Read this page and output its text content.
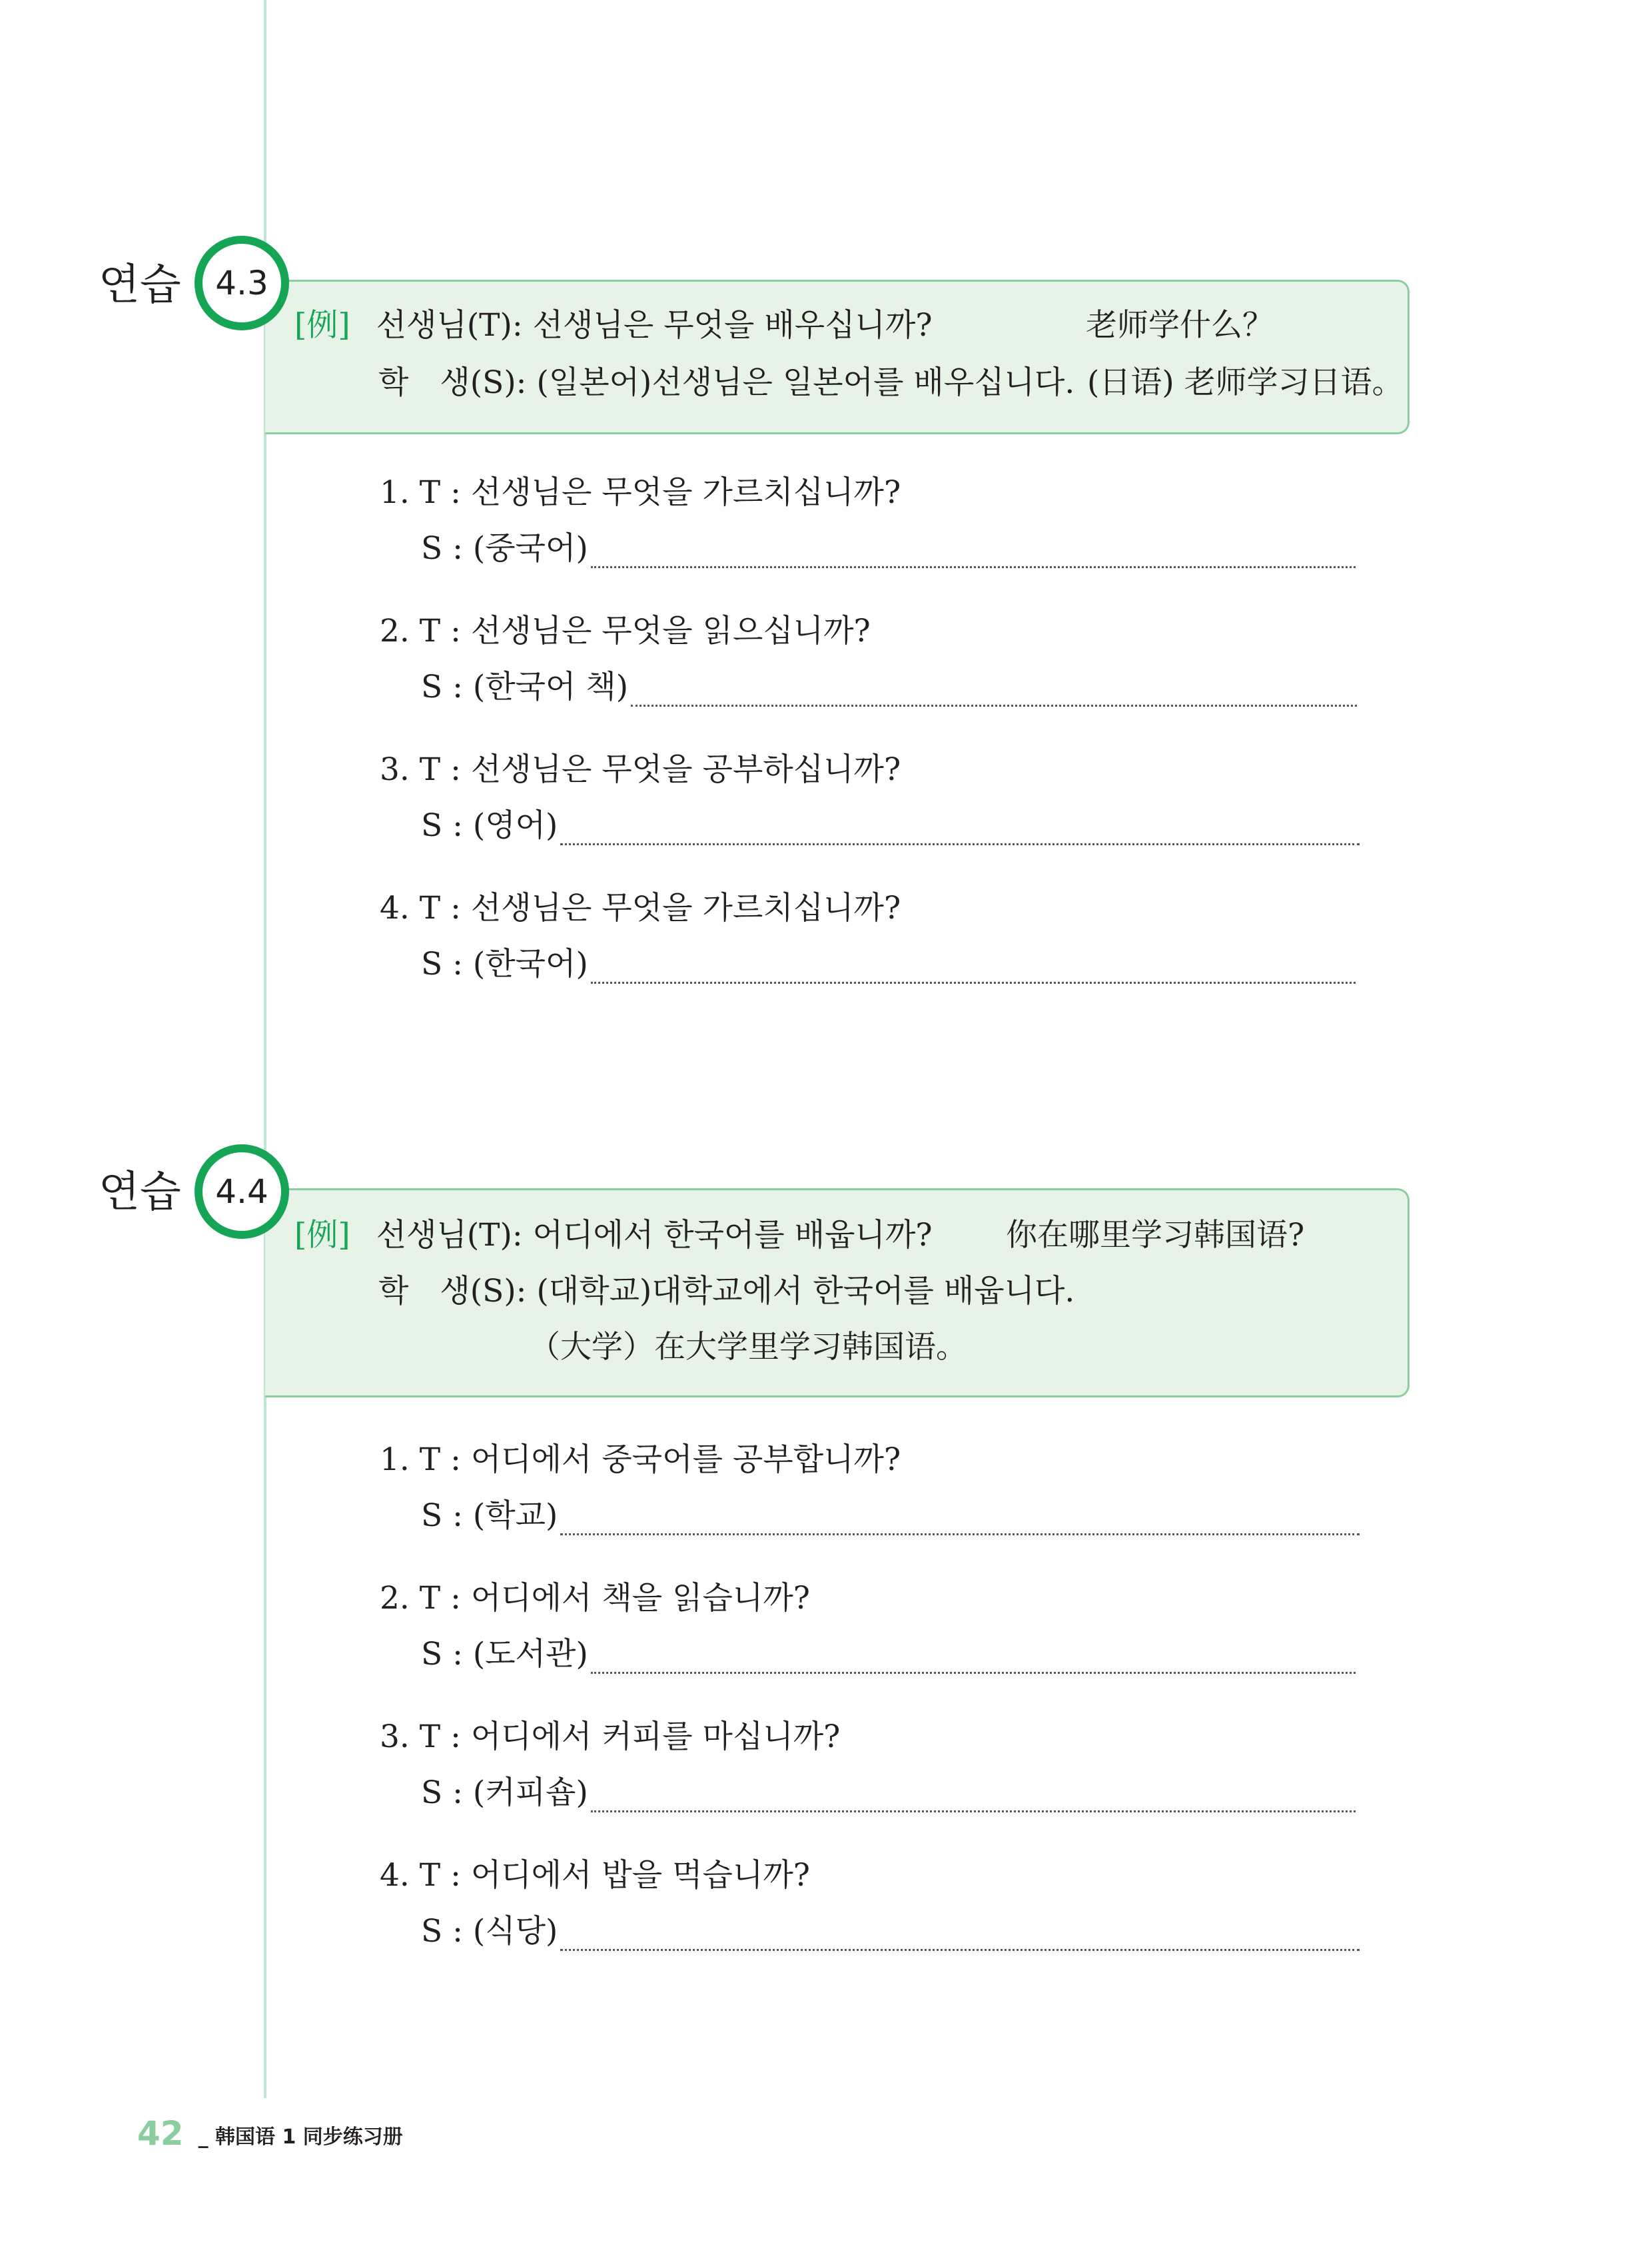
연습	4.3
[例] 선생님(T): 선생님은 무엇을 배우십니까?	老师学什么？
학　생(S): (일본어)선생님은 일본어를 배우십니다. (日语) 老师学习日语。
1. T : 선생님은 무엇을 가르치십니까?
S : (중국어)
2. T : 선생님은 무엇을 읽으십니까?
S : (한국어 책)
3. T : 선생님은 무엇을 공부하십니까?
S : (영어)
4. T : 선생님은 무엇을 가르치십니까?
S : (한국어)
연습	4.4
[例] 선생님(T): 어디에서 한국어를 배웁니까? 你在哪里学习韩国语?
학　생(S): (대학교)대학교에서 한국어를 배웁니다.
（大学）在大学里学习韩国语。
1. T : 어디에서 중국어를 공부합니까?
S : (학교)
2. T : 어디에서 책을 읽습니까?
S : (도서관)
3. T : 어디에서 커피를 마십니까?
S : (커피숍)
4. T : 어디에서 밥을 먹습니까?
S : (식당)
42 _ 韩国语 1 同步练习册
